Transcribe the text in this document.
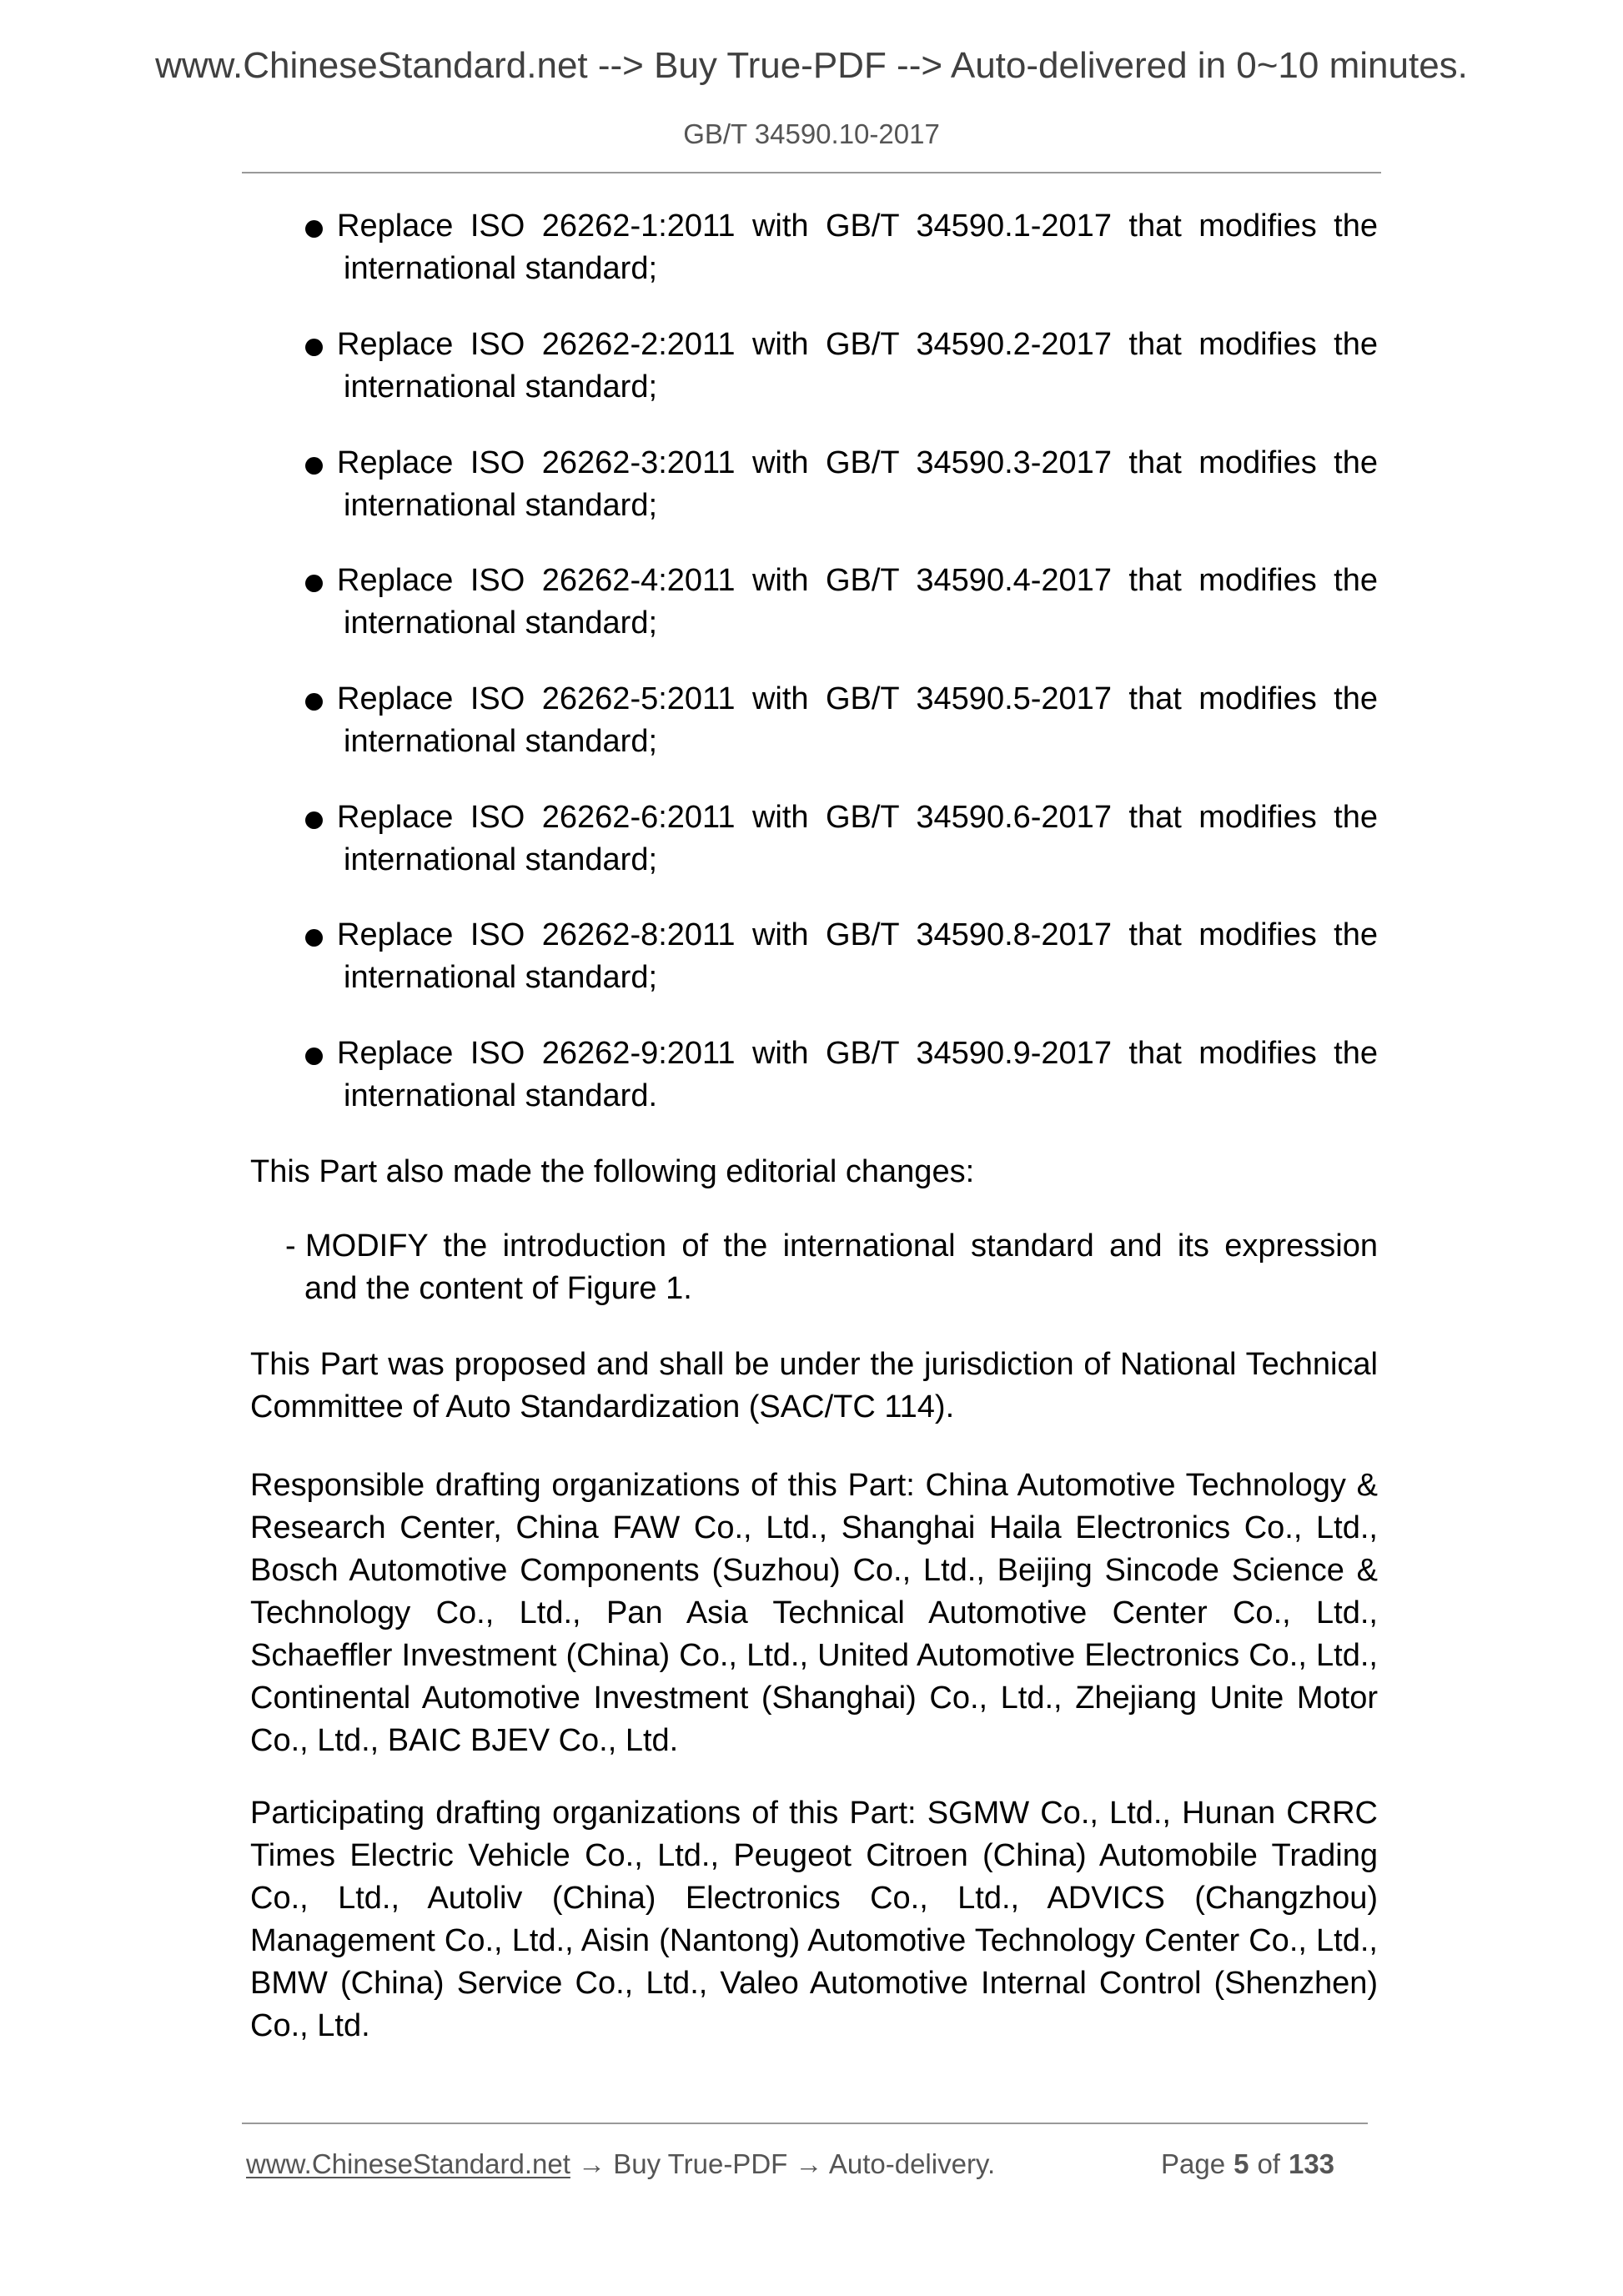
www.ChineseStandard.net --> Buy True-PDF --> Auto-delivered in 0~10 minutes.
GB/T 34590.10-2017
Replace ISO 26262-1:2011 with GB/T 34590.1-2017 that modifies the
international standard;
Replace ISO 26262-2:2011 with GB/T 34590.2-2017 that modifies the
international standard;
Replace ISO 26262-3:2011 with GB/T 34590.3-2017 that modifies the
international standard;
Replace ISO 26262-4:2011 with GB/T 34590.4-2017 that modifies the
international standard;
Replace ISO 26262-5:2011 with GB/T 34590.5-2017 that modifies the
international standard;
Replace ISO 26262-6:2011 with GB/T 34590.6-2017 that modifies the
international standard;
Replace ISO 26262-8:2011 with GB/T 34590.8-2017 that modifies the
international standard;
Replace ISO 26262-9:2011 with GB/T 34590.9-2017 that modifies the
international standard.
This Part also made the following editorial changes:
- MODIFY the introduction of the international standard and its expression
and the content of Figure 1.
This Part was proposed and shall be under the jurisdiction of National Technical Committee of Auto Standardization (SAC/TC 114).
Responsible drafting organizations of this Part: China Automotive Technology & Research Center, China FAW Co., Ltd., Shanghai Haila Electronics Co., Ltd., Bosch Automotive Components (Suzhou) Co., Ltd., Beijing Sincode Science & Technology Co., Ltd., Pan Asia Technical Automotive Center Co., Ltd., Schaeffler Investment (China) Co., Ltd., United Automotive Electronics Co., Ltd., Continental Automotive Investment (Shanghai) Co., Ltd., Zhejiang Unite Motor Co., Ltd., BAIC BJEV Co., Ltd.
Participating drafting organizations of this Part: SGMW Co., Ltd., Hunan CRRC Times Electric Vehicle Co., Ltd., Peugeot Citroen (China) Automobile Trading Co., Ltd., Autoliv (China) Electronics Co., Ltd., ADVICS (Changzhou) Management Co., Ltd., Aisin (Nantong) Automotive Technology Center Co., Ltd., BMW (China) Service Co., Ltd., Valeo Automotive Internal Control (Shenzhen) Co., Ltd.
www.ChineseStandard.net → Buy True-PDF → Auto-delivery.	Page 5 of 133
